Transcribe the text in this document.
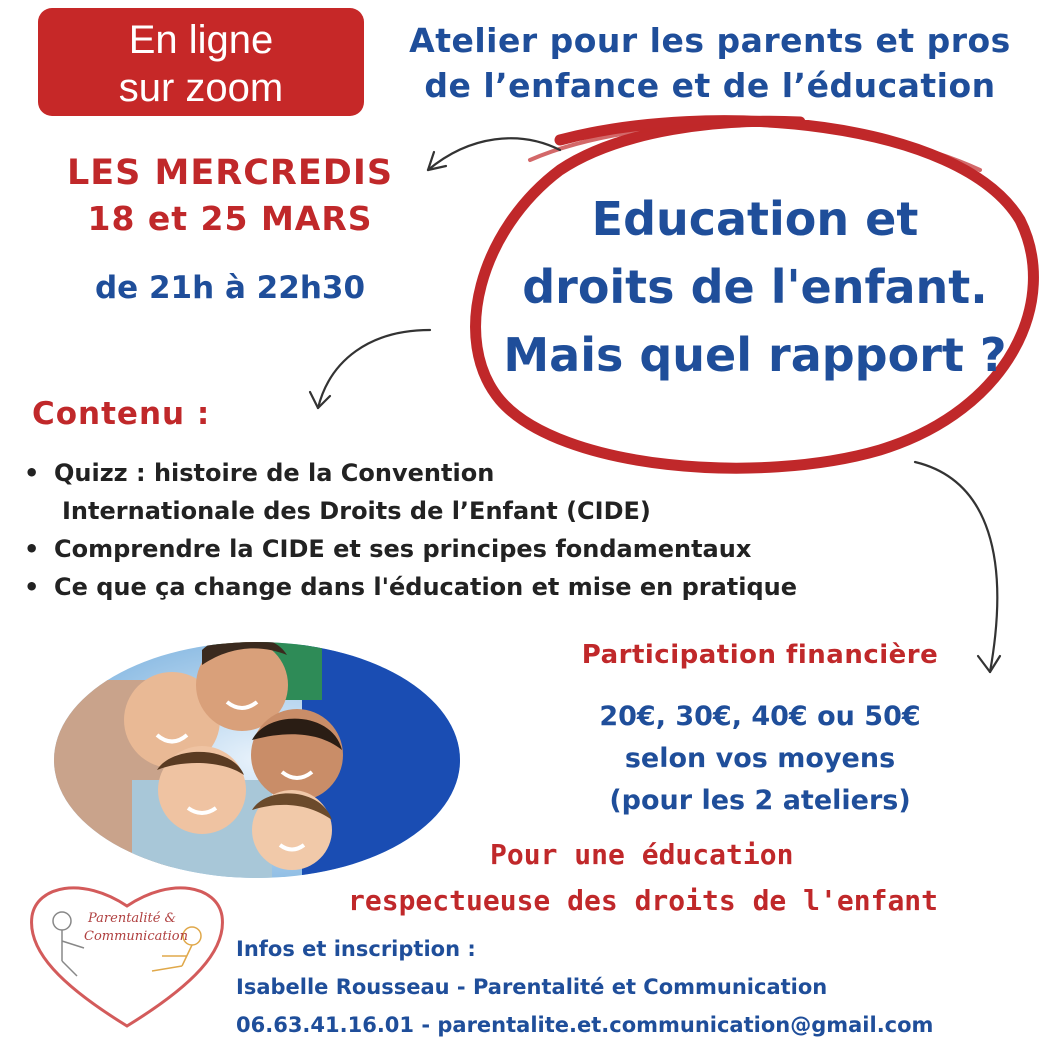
En ligne
sur zoom
Atelier pour les parents et pros
de l’enfance et de l’éducation
LES MERCREDIS
18 et 25 MARS
de 21h à 22h30
Education et
droits de l'enfant.
Mais quel rapport ?
Contenu :
• Quizz : histoire de la Convention
Internationale des Droits de l’Enfant (CIDE)
• Comprendre la CIDE et ses principes fondamentaux
• Ce que ça change dans l'éducation et mise en pratique
Participation financière
20€, 30€, 40€ ou 50€
selon vos moyens
(pour les 2 ateliers)
Pour une éducation
respectueuse des droits de l'enfant
Parentalité &
Communication
Infos et inscription :
Isabelle Rousseau - Parentalité et Communication
06.63.41.16.01 - parentalite.et.communication@gmail.com
